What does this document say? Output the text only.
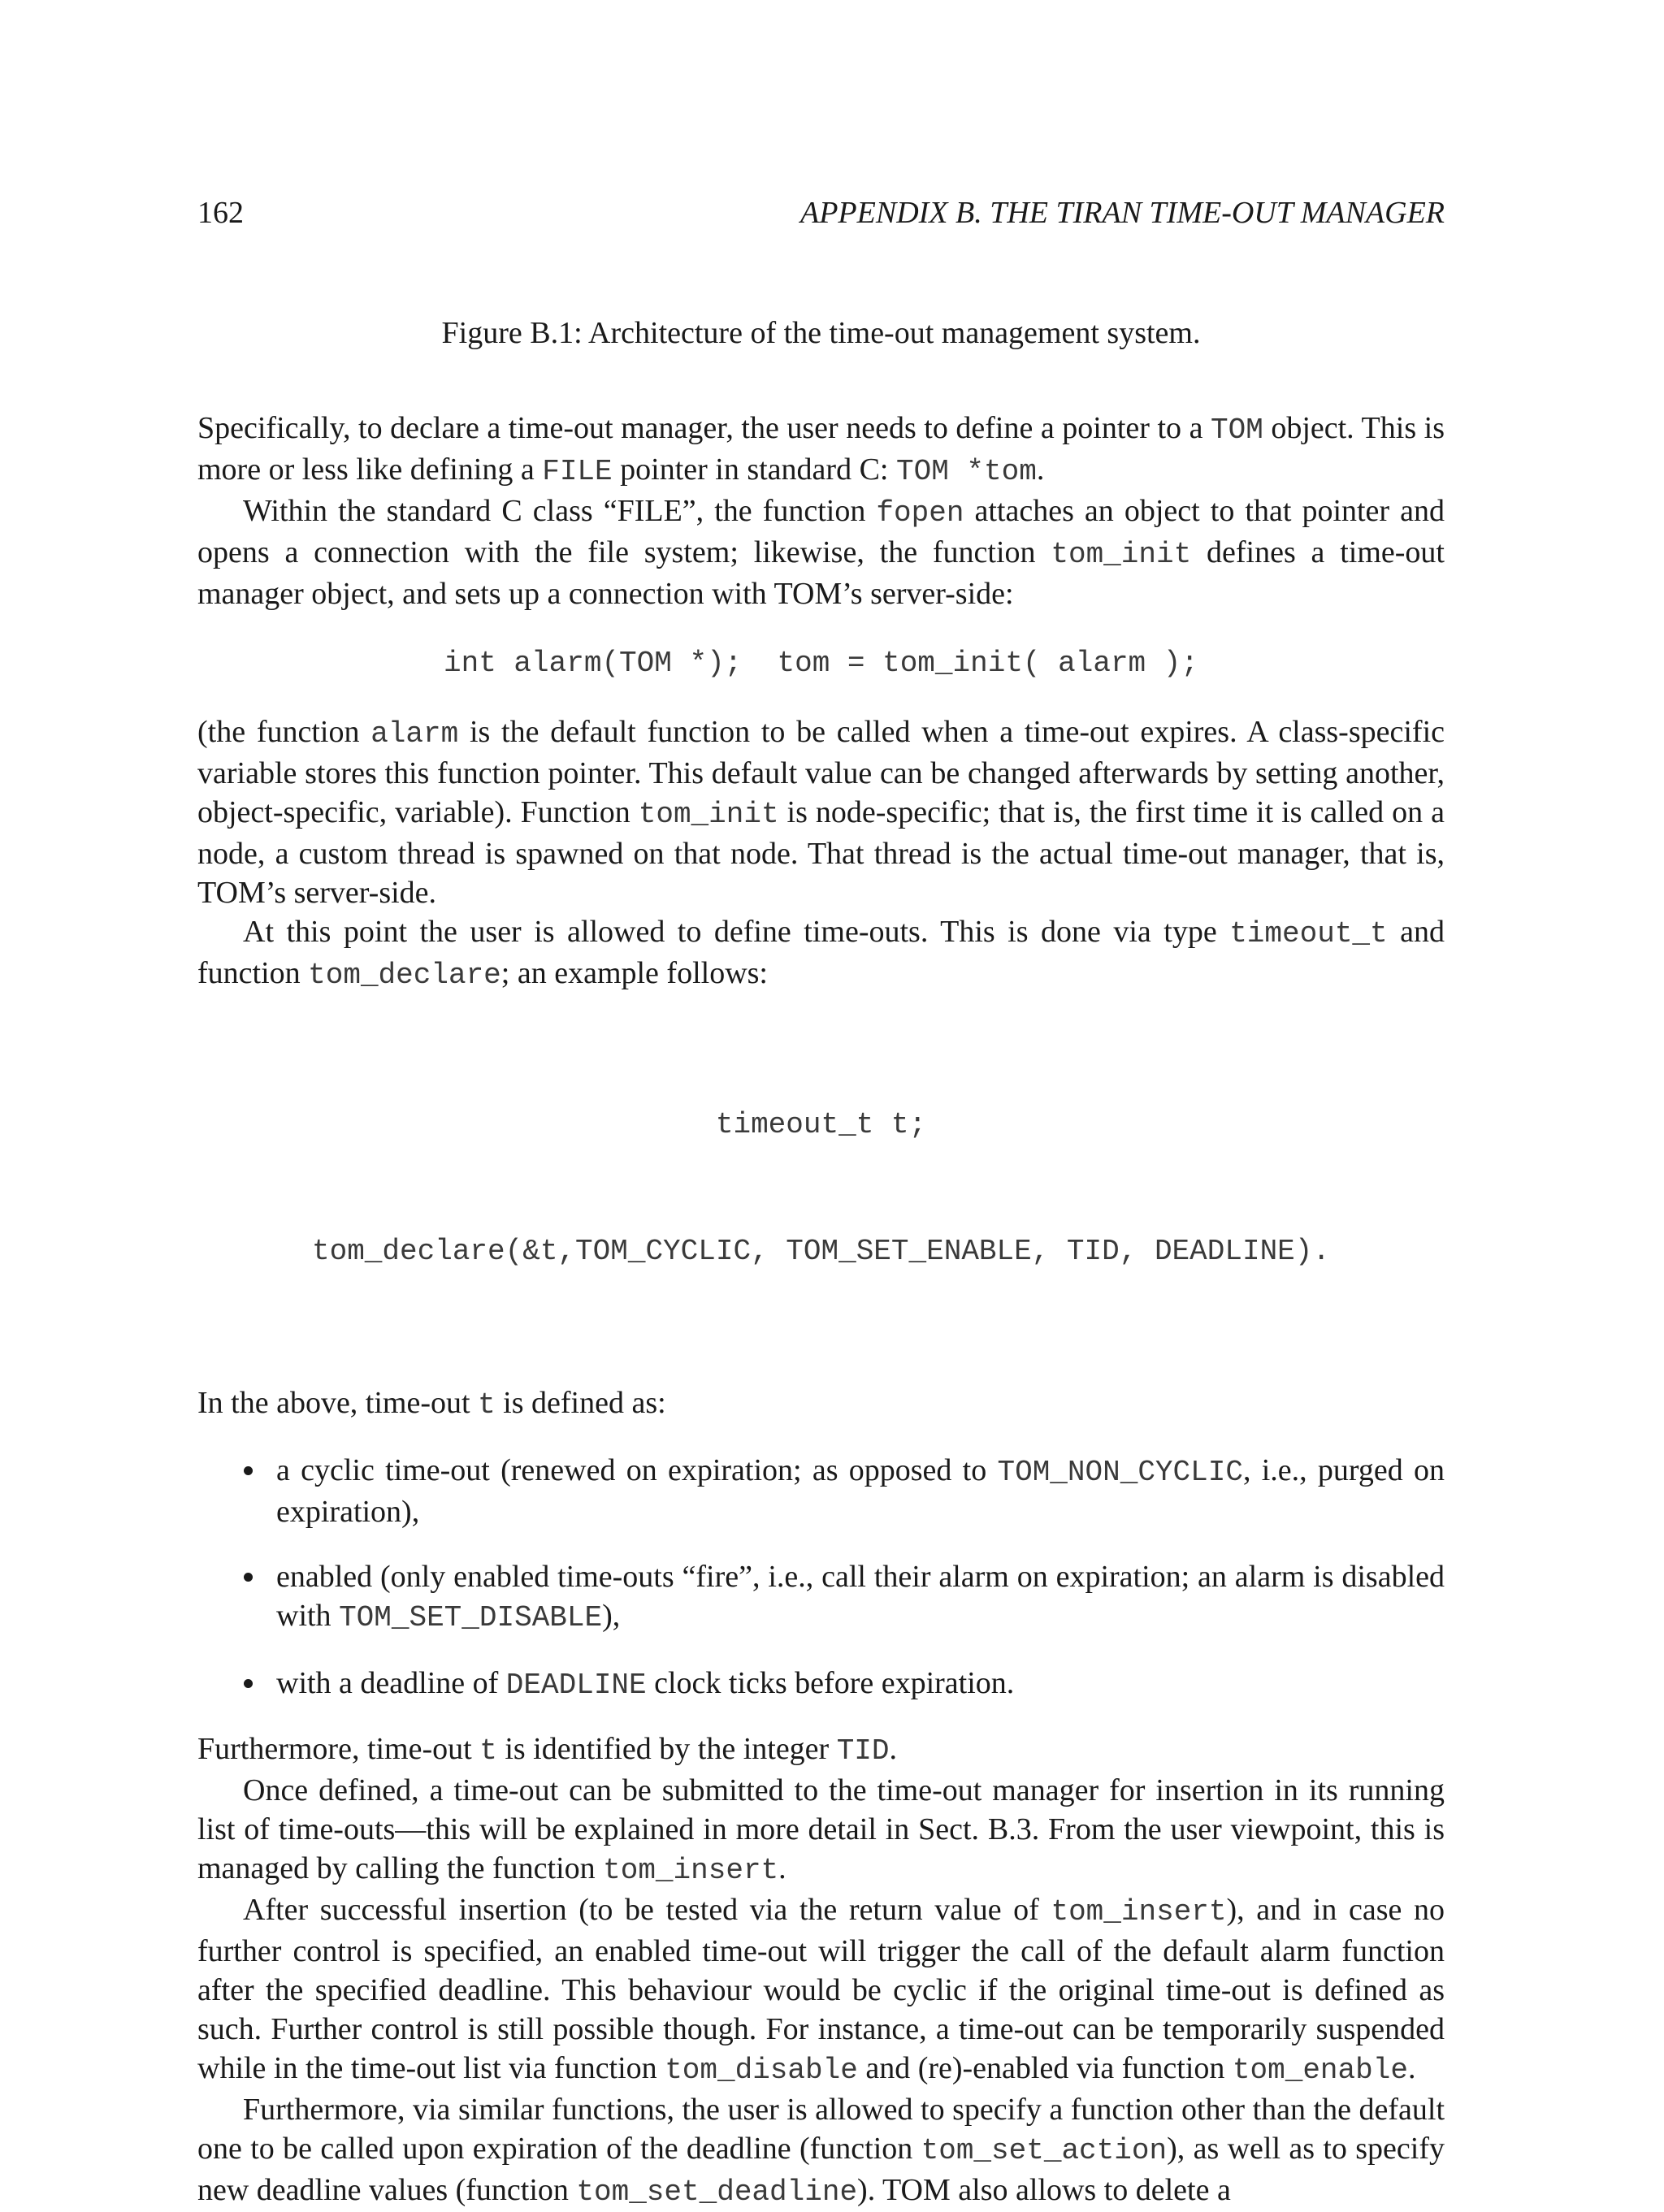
162	APPENDIX B. THE TIRAN TIME-OUT MANAGER
Figure B.1: Architecture of the time-out management system.

Specifically, to declare a time-out manager, the user needs to define a pointer to a TOM object. This is more or less like defining a FILE pointer in standard C: TOM *tom.

Within the standard C class “FILE”, the function fopen attaches an object to that pointer and opens a connection with the file system; likewise, the function tom_init defines a time-out manager object, and sets up a connection with TOM’s server-side:

int alarm(TOM *);  tom = tom_init( alarm );

(the function alarm is the default function to be called when a time-out expires. A class-specific variable stores this function pointer. This default value can be changed afterwards by setting another, object-specific, variable). Function tom_init is node-specific; that is, the first time it is called on a node, a custom thread is spawned on that node. That thread is the actual time-out manager, that is, TOM’s server-side.

At this point the user is allowed to define time-outs. This is done via type timeout_t and function tom_declare; an example follows:

timeout_t t;

tom_declare(&t,TOM_CYCLIC, TOM_SET_ENABLE, TID, DEADLINE).

In the above, time-out t is defined as:

a cyclic time-out (renewed on expiration; as opposed to TOM_NON_CYCLIC, i.e., purged on expiration),
enabled (only enabled time-outs “fire”, i.e., call their alarm on expiration; an alarm is disabled with TOM_SET_DISABLE),
with a deadline of DEADLINE clock ticks before expiration.

Furthermore, time-out t is identified by the integer TID.

Once defined, a time-out can be submitted to the time-out manager for insertion in its running list of time-outs—this will be explained in more detail in Sect. B.3. From the user viewpoint, this is managed by calling the function tom_insert.

After successful insertion (to be tested via the return value of tom_insert), and in case no further control is specified, an enabled time-out will trigger the call of the default alarm function after the specified deadline. This behaviour would be cyclic if the original time-out is defined as such. Further control is still possible though. For instance, a time-out can be temporarily suspended while in the time-out list via function tom_disable and (re)-enabled via function tom_enable.

Furthermore, via similar functions, the user is allowed to specify a function other than the default one to be called upon expiration of the deadline (function tom_set_action), as well as to specify new deadline values (function tom_set_deadline). TOM also allows to delete a
